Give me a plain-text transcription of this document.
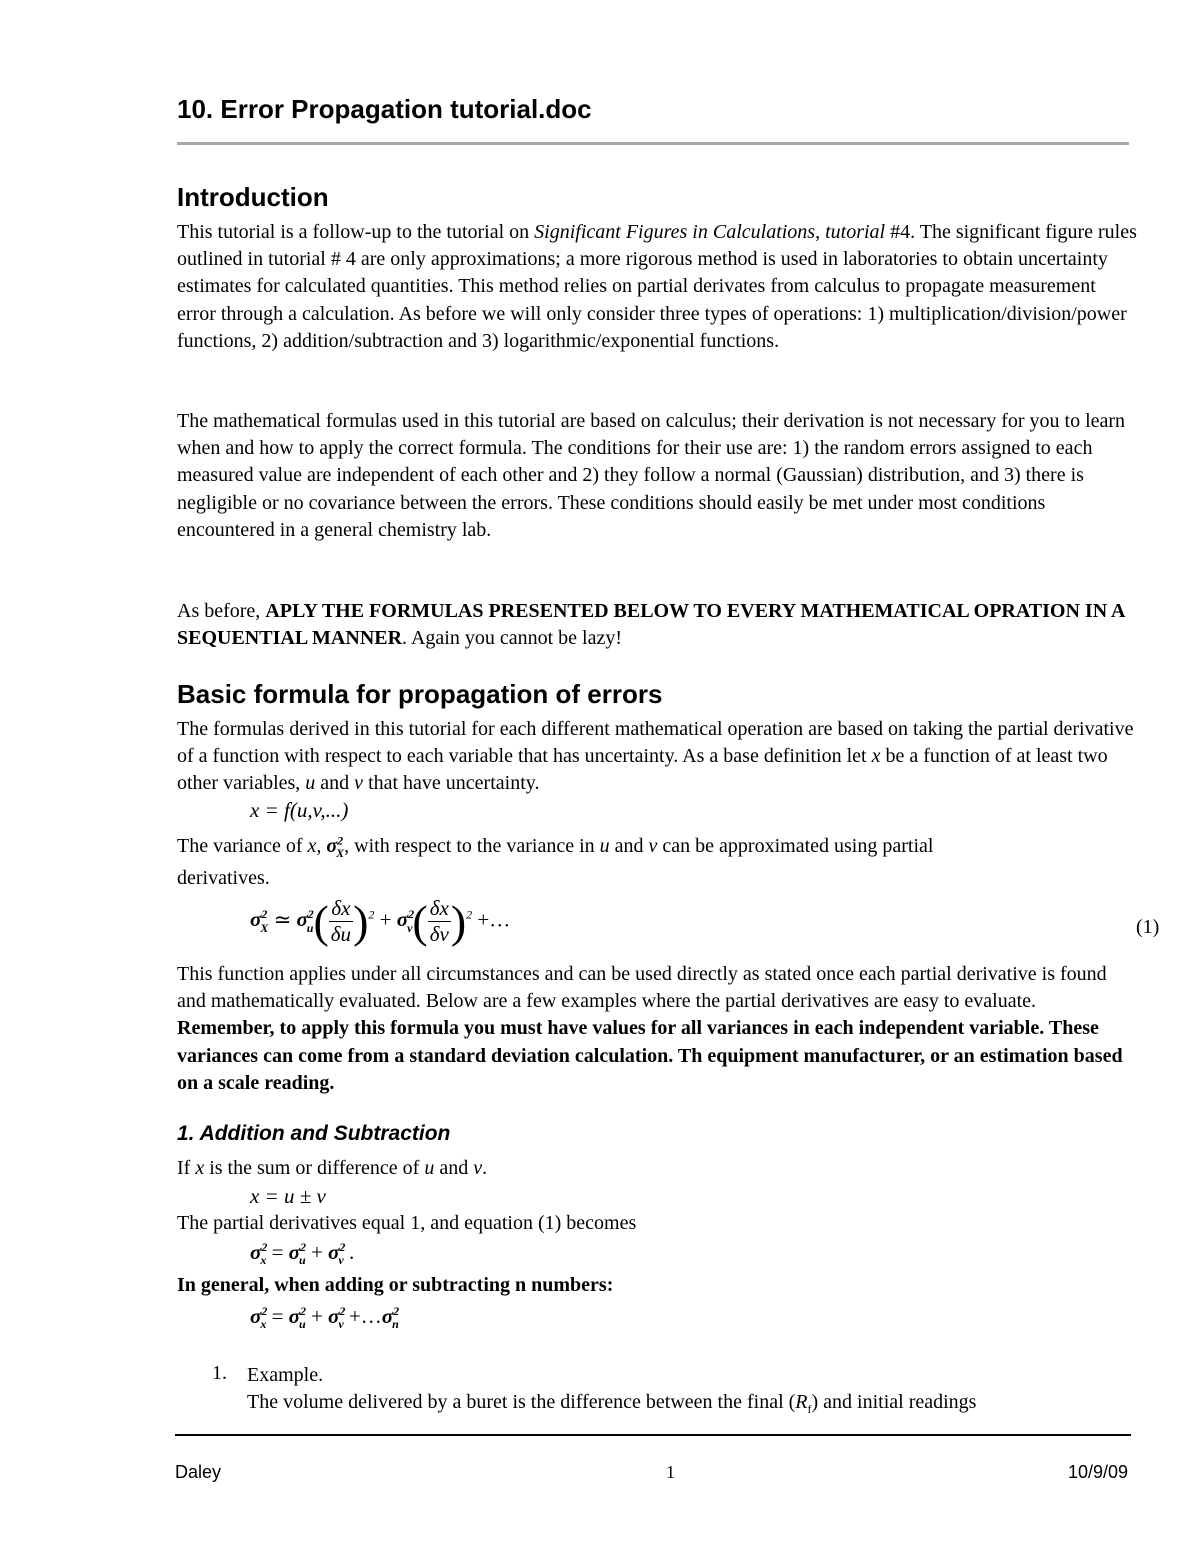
10. Error Propagation tutorial.doc
Introduction

This tutorial is a follow-up to the tutorial on Significant Figures in Calculations, tutorial #4. The significant figure rules outlined in tutorial # 4 are only approximations; a more rigorous method is used in laboratories to obtain uncertainty estimates for calculated quantities. This method relies on partial derivates from calculus to propagate measurement error through a calculation. As before we will only consider three types of operations: 1) multiplication/division/power functions, 2) addition/subtraction and 3) logarithmic/exponential functions.

The mathematical formulas used in this tutorial are based on calculus; their derivation is not necessary for you to learn when and how to apply the correct formula. The conditions for their use are: 1) the random errors assigned to each measured value are independent of each other and 2) they follow a normal (Gaussian) distribution, and 3) there is negligible or no covariance between the errors. These conditions should easily be met under most conditions encountered in a general chemistry lab.

As before, APLY THE FORMULAS PRESENTED BELOW TO EVERY MATHEMATICAL OPRATION IN A SEQUENTIAL MANNER. Again you cannot be lazy!

Basic formula for propagation of errors

The formulas derived in this tutorial for each different mathematical operation are based on taking the partial derivative of a function with respect to each variable that has uncertainty. As a base definition let x be a function of at least two other variables, u and v that have uncertainty.

x = f(u,v,...)
The variance of x, $\sigma^2_X$, with respect to the variance in u and v can be approximated using partial
derivatives.
$\sigma^2_X$ ≃ $\sigma^2_u( \frac{\delta x}{\delta u} )^2 + \sigma^2_v( \frac{\delta x}{\delta v} )^2$ +…	(1)

This function applies under all circumstances and can be used directly as stated once each partial derivative is found and mathematically evaluated. Below are a few examples where the partial derivatives are easy to evaluate. Remember, to apply this formula you must have values for all variances in each independent variable. These variances can come from a standard deviation calculation. Th equipment manufacturer, or an estimation based on a scale reading.

1. Addition and Subtraction
If x is the sum or difference of u and v.
x = u ± v
The partial derivatives equal 1, and equation (1) becomes
$\sigma^2_x = \sigma^2_u + \sigma^2_v$ .
In general, when adding or subtracting n numbers:
$\sigma^2_x = \sigma^2_u + \sigma^2_v$ $+\dots\sigma^2_n$
1. Example.
The volume delivered by a buret is the difference between the final $(R_f)$ and initial readings
Daley	1	10/9/09
